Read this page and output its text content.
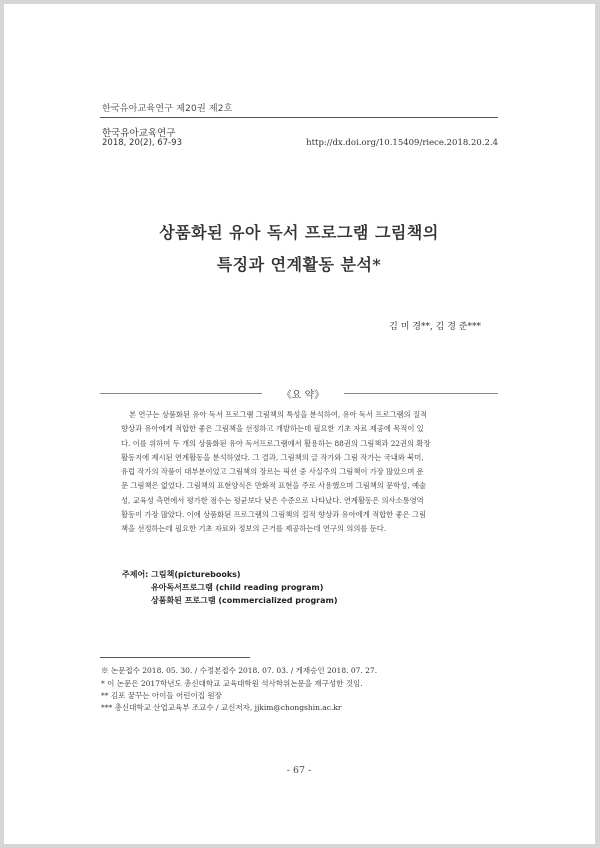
한국유아교육연구 제20권 제2호
한국유아교육연구
2018, 20(2), 67-93	http://dx.doi.org/10.15409/riece.2018.20.2.4
상품화된 유아 독서 프로그램 그림책의
특징과 연계활동 분석*
김 미 경**, 김 경 준***
《요 약》
본 연구는 상품화된 유아 독서 프로그램 그림책의 특성을 분석하여, 유아 독서 프로그램의 질적
향상과 유아에게 적합한 좋은 그림책을 선정하고 개발하는데 필요한 기초 자료 제공에 목적이 있
다. 이를 위하여 두 개의 상품화된 유아 독서프로그램에서 활용하는 88권의 그림책과 22권의 확장
활동지에 제시된 연계활동을 분석하였다. 그 결과, 그림책의 글 작가와 그림 작가는 국내와 북미,
유럽 작가의 작품이 대부분이었고 그림책의 장르는 픽션 중 사실주의 그림책이 가장 많았으며 운
문 그림책은 없었다. 그림책의 표현양식은 만화적 표현을 주로 사용했으며 그림책의 문학성, 예술
성, 교육성 측면에서 평가한 점수는 평균보다 낮은 수준으로 나타났다. 연계활동은 의사소통영역
활동이 가장 많았다. 이에 상품화된 프로그램의 그림책의 질적 향상과 유아에게 적합한 좋은 그림
책을 선정하는데 필요한 기초 자료와 정보의 근거를 제공하는데 연구의 의의를 둔다.
주제어: 그림책(picturebooks)
유아독서프로그램 (child reading program)
상품화된 프로그램 (commercialized program)
※ 논문접수 2018. 05. 30. / 수정본접수 2018. 07. 03. / 게재승인 2018. 07. 27.
* 이 논문은 2017학년도 총신대학교 교육대학원 석사학위논문을 재구성한 것임.
** 김포 꿈꾸는 아이들 어린이집 원장
*** 총신대학교 산업교육부 조교수 / 교신저자, jjkim@chongshin.ac.kr
- 67 -
